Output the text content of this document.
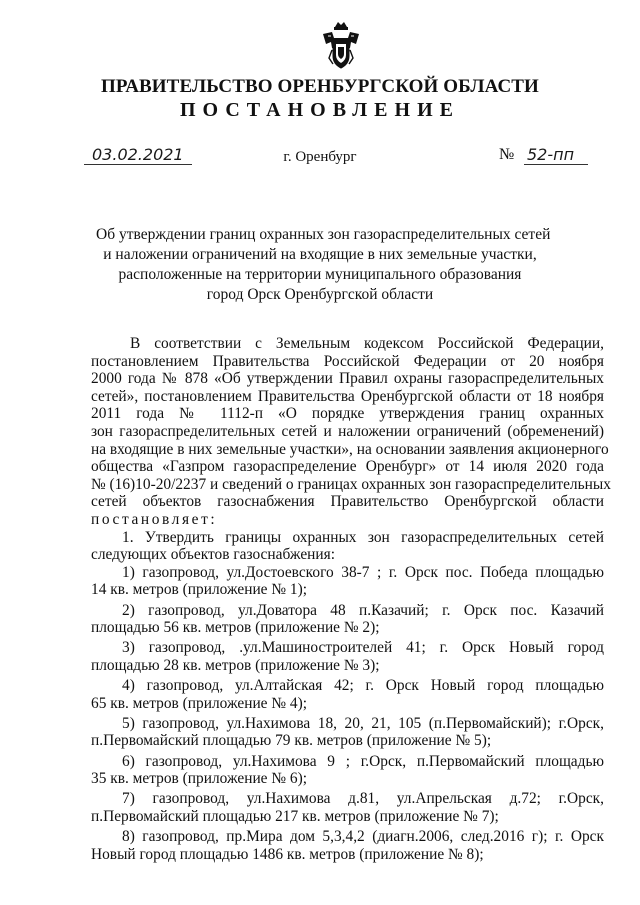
ПРАВИТЕЛЬСТВО ОРЕНБУРГСКОЙ ОБЛАСТИ
ПОСТАНОВЛЕНИЕ
03.02.2021	г. Оренбург	№ 52-пп
Об утверждении границ охранных зон газораспределительных сетей
и наложении ограничений на входящие в них земельные участки,
расположенные на территории муниципального образования
город Орск Оренбургской области
В соответствии с Земельным кодексом Российской Федерации,
постановлением Правительства Российской Федерации от 20 ноября
2000 года № 878 «Об утверждении Правил охраны газораспределительных
сетей», постановлением Правительства Оренбургской области от 18 ноября
2011 года № 1112-п «О порядке утверждения границ охранных
зон газораспределительных сетей и наложении ограничений (обременений)
на входящие в них земельные участки», на основании заявления акционерного
общества «Газпром газораспределение Оренбург» от 14 июля 2020 года
№ (16)10-20/2237 и сведений о границах охранных зон газораспределительных
сетей объектов газоснабжения Правительство Оренбургской области
постановляет:
1. Утвердить границы охранных зон газораспределительных сетей
следующих объектов газоснабжения:
1) газопровод, ул.Достоевского 38-7 ; г. Орск пос. Победа площадью
14 кв. метров (приложение № 1);
2) газопровод, ул.Доватора 48 п.Казачий; г. Орск пос. Казачий
площадью 56 кв. метров (приложение № 2);
3) газопровод, .ул.Машиностроителей 41; г. Орск Новый город
площадью 28 кв. метров (приложение № 3);
4) газопровод, ул.Алтайская 42; г. Орск Новый город площадью
65 кв. метров (приложение № 4);
5) газопровод, ул.Нахимова 18, 20, 21, 105 (п.Первомайский); г.Орск,
п.Первомайский площадью 79 кв. метров (приложение № 5);
6) газопровод, ул.Нахимова 9 ; г.Орск, п.Первомайский площадью
35 кв. метров (приложение № 6);
7) газопровод, ул.Нахимова д.81, ул.Апрельская д.72; г.Орск,
п.Первомайский площадью 217 кв. метров (приложение № 7);
8) газопровод, пр.Мира дом 5,3,4,2 (диагн.2006, след.2016 г); г. Орск
Новый город площадью 1486 кв. метров (приложение № 8);
